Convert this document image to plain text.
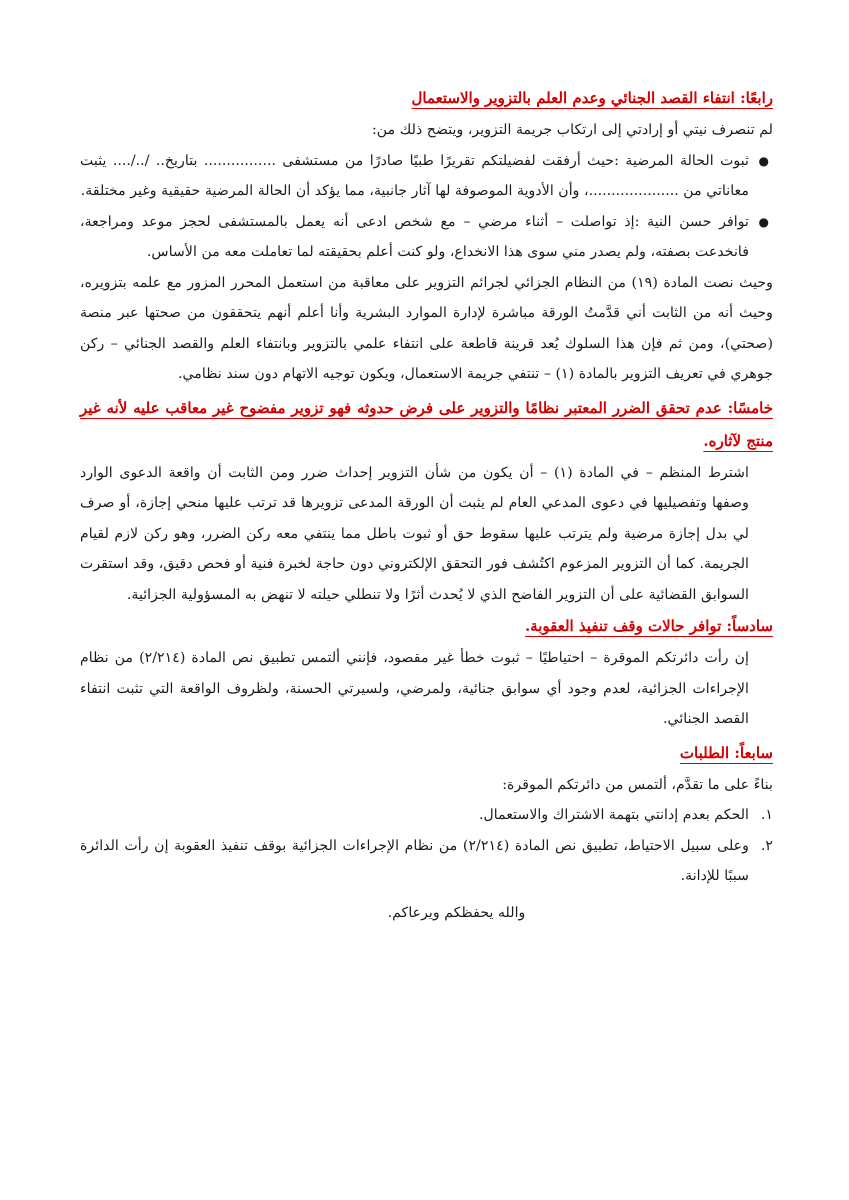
رابعًا: انتفاء القصد الجنائي وعدم العلم بالتزوير والاستعمال

لم تنصرف نيتي أو إرادتي إلى ارتكاب جريمة التزوير، ويتضح ذلك من:

●
ثبوت الحالة المرضية :حيث أرفقت لفضيلتكم تقريرًا طبيًا صادرًا من مستشفى ................ بتاريخ.. /../.... يثبت معاناتي من ....................، وأن الأدوية الموصوفة لها آثار جانبية، مما يؤكد أن الحالة المرضية حقيقية وغير مختلقة.
●
توافر حسن النية :إذ تواصلت – أثناء مرضي – مع شخص ادعى أنه يعمل بالمستشفى لحجز موعد ومراجعة، فانخدعت بصفته، ولم يصدر مني سوى هذا الانخداع، ولو كنت أعلم بحقيقته لما تعاملت معه من الأساس.

وحيث نصت المادة (١٩) من النظام الجزائي لجرائم التزوير على معاقبة من استعمل المحرر المزور مع علمه بتزويره، وحيث أنه من الثابت أني قدَّمتُ الورقة مباشرة لإدارة الموارد البشرية وأنا أعلم أنهم يتحققون من صحتها عبر منصة (صحتي)، ومن ثم فإن هذا السلوك يُعد قرينة قاطعة على انتفاء علمي بالتزوير وبانتفاء العلم والقصد الجنائي – ركن جوهري في تعريف التزوير بالمادة (١) – تنتفي جريمة الاستعمال، ويكون توجيه الاتهام دون سند نظامي.

خامسًا: عدم تحقق الضرر المعتبر نظامًا والتزوير على فرض حدوثه فهو تزوير مفضوح غير معاقب عليه لأنه غير منتج لآثاره.

اشترط المنظم – في المادة (١) – أن يكون من شأن التزوير إحداث ضرر ومن الثابت أن واقعة الدعوى الوارد وصفها وتفصيليها في دعوى المدعي العام لم يثبت أن الورقة المدعى تزويرها قد ترتب عليها منحي إجازة، أو صرف لي بدل إجازة مرضية ولم يترتب عليها سقوط حق أو ثبوت باطل مما ينتفي معه ركن الضرر، وهو ركن لازم لقيام الجريمة. كما أن التزوير المزعوم اكتُشف فور التحقق الإلكتروني دون حاجة لخبرة فنية أو فحص دقيق، وقد استقرت السوابق القضائية على أن التزوير الفاضح الذي لا يُحدث أثرًا ولا تنطلي حيلته لا تنهض به المسؤولية الجزائية.

سادساً: توافر حالات وقف تنفيذ العقوبة.

إن رأت دائرتكم الموقرة – احتياطيًا – ثبوت خطأ غير مقصود، فإنني ألتمس تطبيق نص المادة (٢/٢١٤) من نظام الإجراءات الجزائية، لعدم وجود أي سوابق جنائية، ولمرضي، ولسيرتي الحسنة، ولظروف الواقعة التي تثبت انتفاء القصد الجنائي.

سابعاً: الطلبات

بناءً على ما تقدَّم، ألتمس من دائرتكم الموقرة:

١.
الحكم بعدم إدانتي بتهمة الاشتراك والاستعمال.
٢.
وعلى سبيل الاحتياط، تطبيق نص المادة (٢/٢١٤) من نظام الإجراءات الجزائية بوقف تنفيذ العقوبة إن رأت الدائرة سببًا للإدانة.

والله يحفظكم ويرعاكم.
